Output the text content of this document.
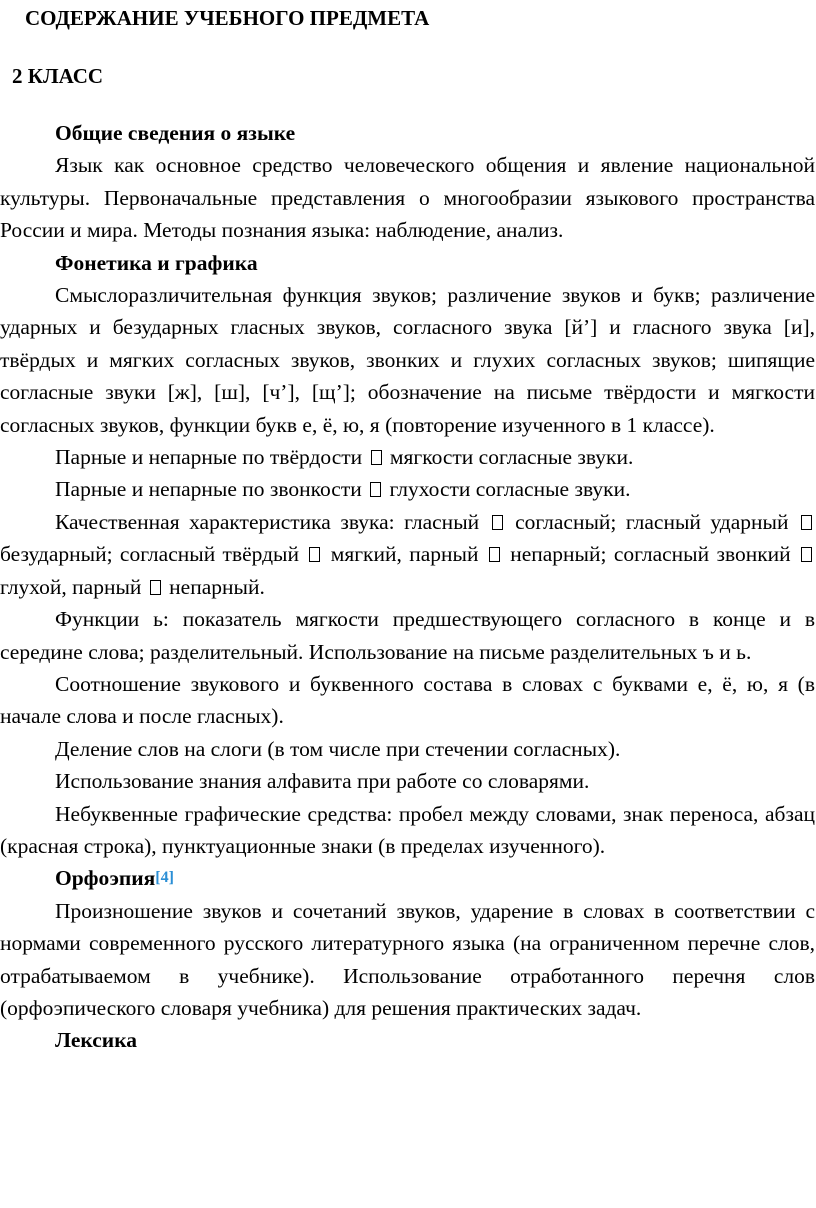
СОДЕРЖАНИЕ УЧЕБНОГО ПРЕДМЕТА
2 КЛАСС

Общие сведения о языке

Язык как основное средство человеческого общения и явление национальной культуры. Первоначальные представления о многообразии языкового пространства России и мира. Методы познания языка: наблюдение, анализ.

Фонетика и графика

Смыслоразличительная функция звуков; различение звуков и букв; различение ударных и безударных гласных звуков, согласного звука [й’] и гласного звука [и], твёрдых и мягких согласных звуков, звонких и глухих согласных звуков; шипящие согласные звуки [ж], [ш], [ч’], [щ’]; обозначение на письме твёрдости и мягкости согласных звуков, функции букв е, ё, ю, я (повторение изученного в 1 классе).

Парные и непарные по твёрдости мягкости согласные звуки.

Парные и непарные по звонкости глухости согласные звуки.

Качественная характеристика звука: гласный согласный; гласный ударный  безударный; согласный твёрдый мягкий, парный непарный; согласный звонкий  глухой, парный непарный.

Функции ь: показатель мягкости предшествующего согласного в конце и в середине слова; разделительный. Использование на письме разделительных ъ и ь.

Соотношение звукового и буквенного состава в словах с буквами е, ё, ю, я (в начале слова и после гласных).

Деление слов на слоги (в том числе при стечении согласных).

Использование знания алфавита при работе со словарями.

Небуквенные графические средства: пробел между словами, знак переноса, абзац (красная строка), пунктуационные знаки (в пределах изученного).

Орфоэпия[4]

Произношение звуков и сочетаний звуков, ударение в словах в соответствии с нормами современного русского литературного языка (на ограниченном перечне слов, отрабатываемом в учебнике). Использование отработанного перечня слов (орфоэпического словаря учебника) для решения практических задач.

Лексика
